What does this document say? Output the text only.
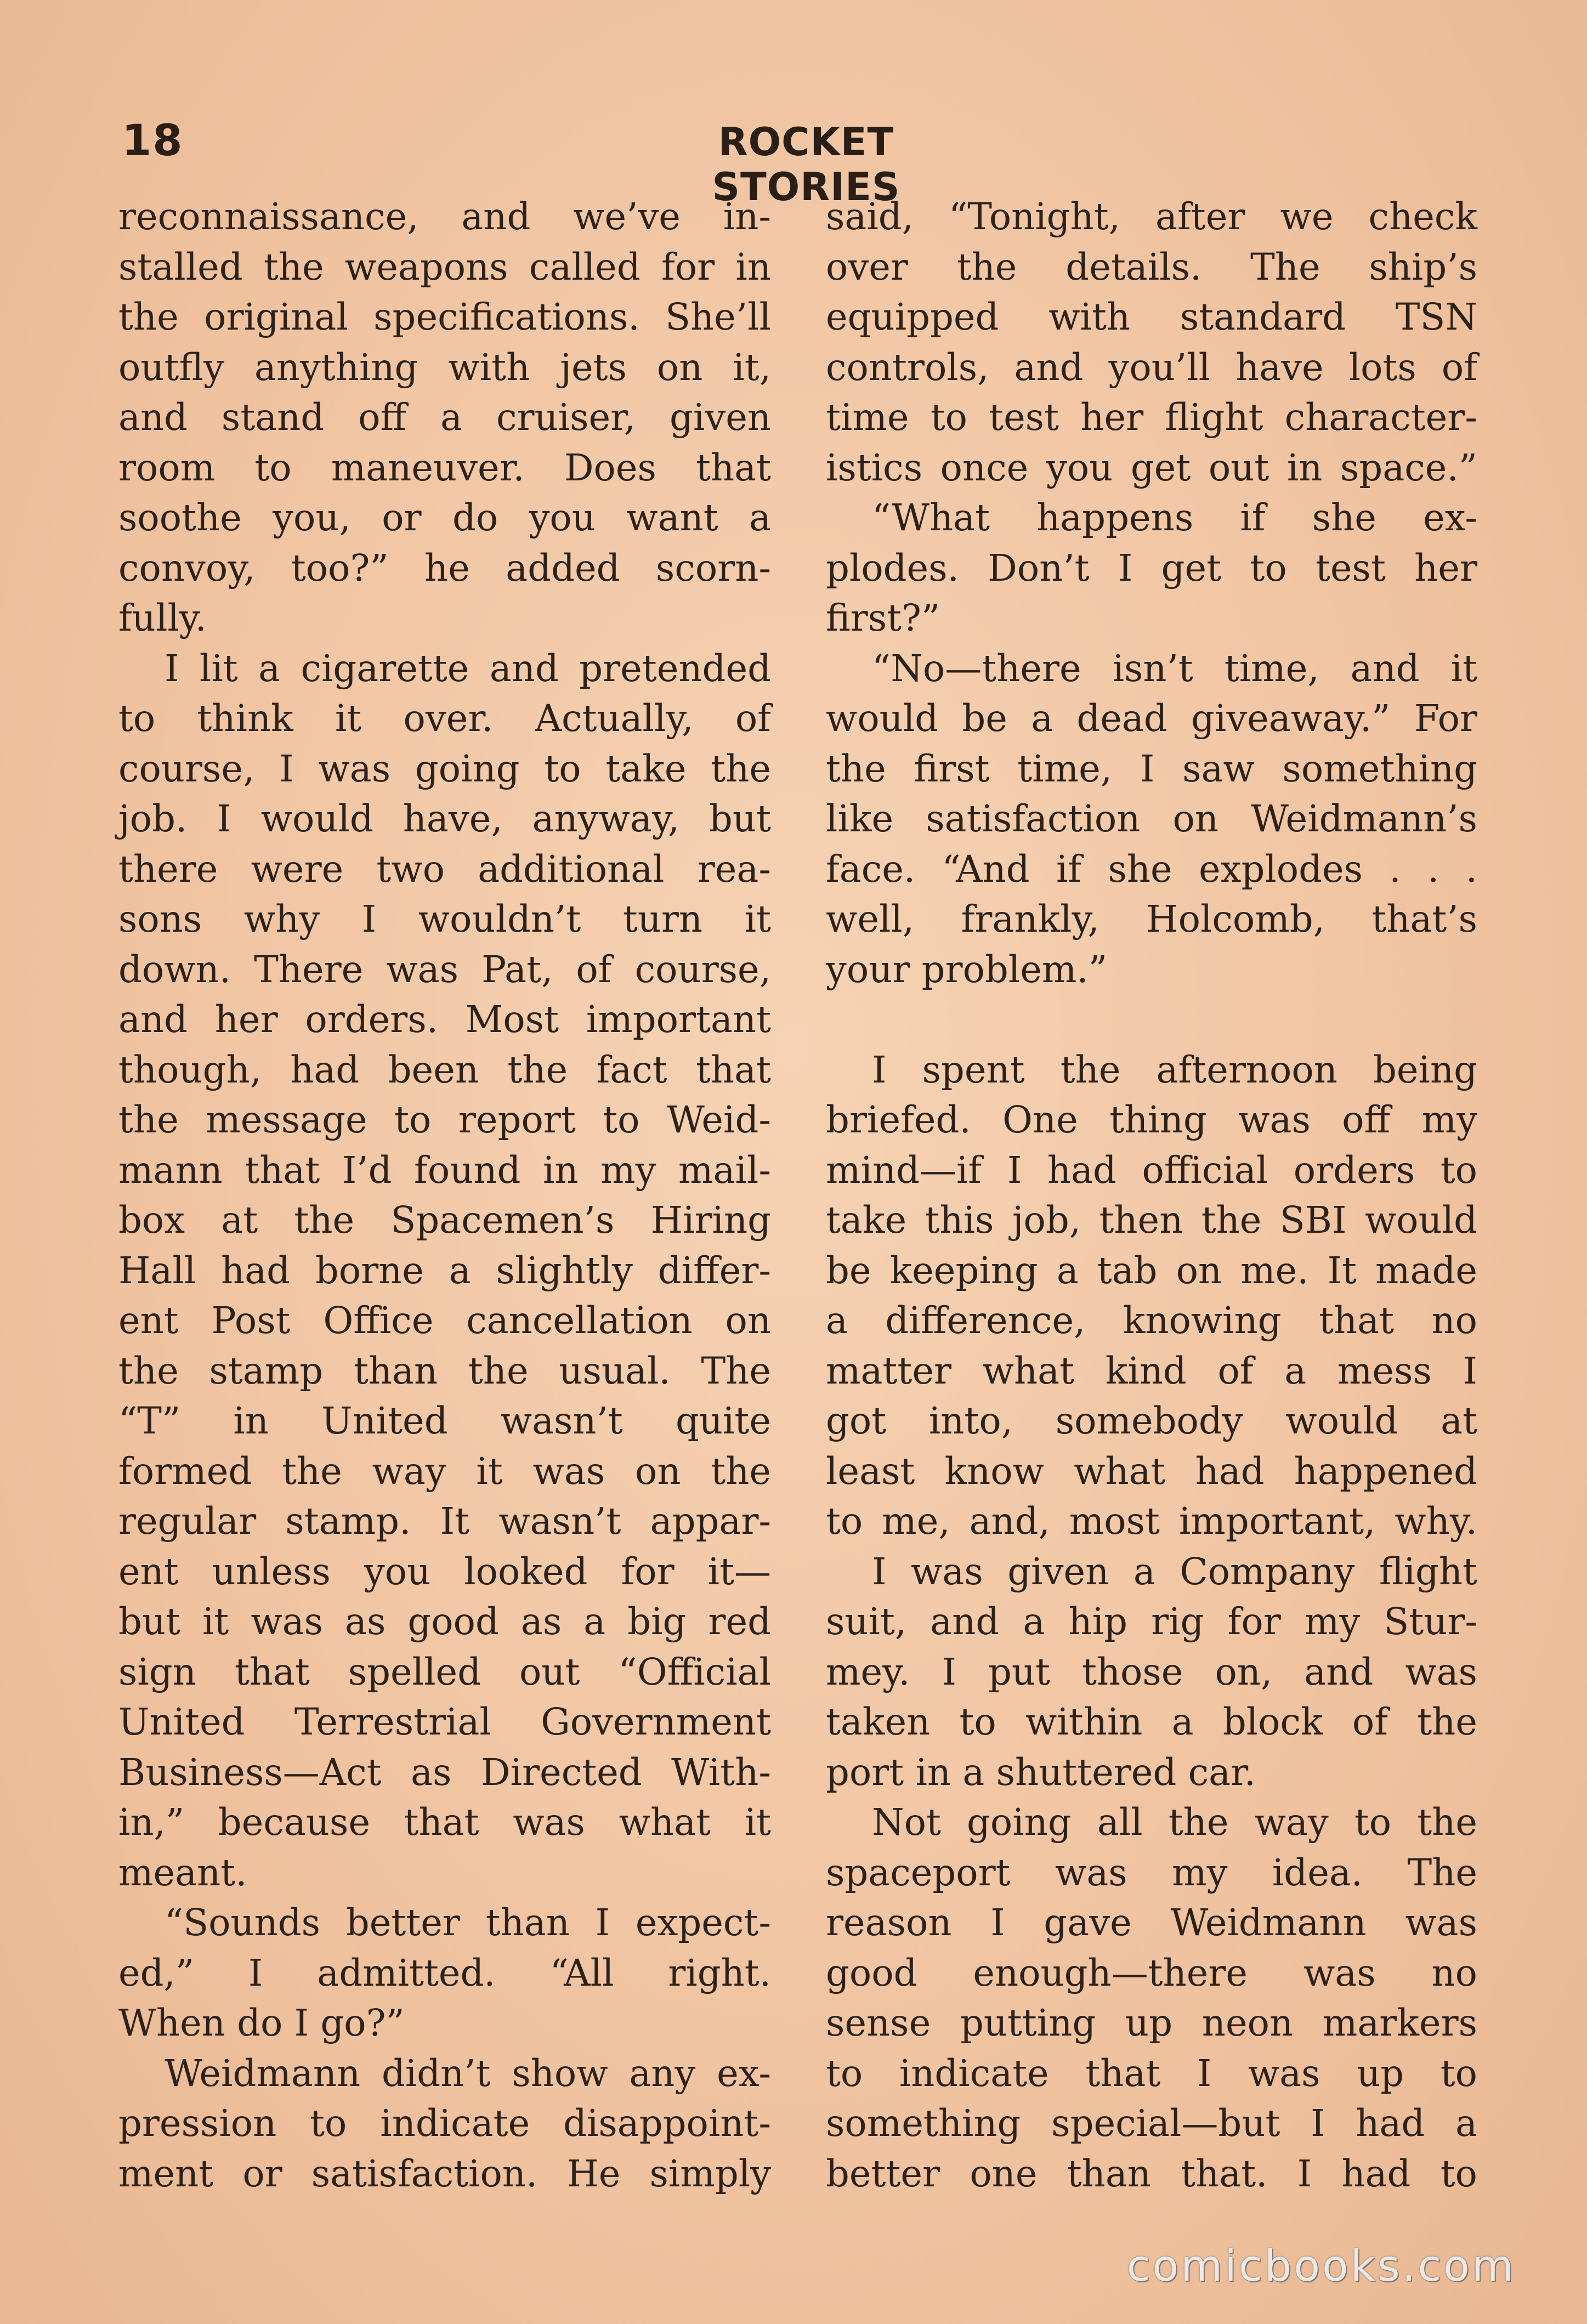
18	ROCKET STORIES
reconnaissance, and we’ve in-
stalled the weapons called for in
the original specifications. She’ll
outfly anything with jets on it,
and stand off a cruiser, given
room to maneuver. Does that
soothe you, or do you want a
convoy, too?” he added scorn-
fully.
I lit a cigarette and pretended
to think it over. Actually, of
course, I was going to take the
job. I would have, anyway, but
there were two additional rea-
sons why I wouldn’t turn it
down. There was Pat, of course,
and her orders. Most important
though, had been the fact that
the message to report to Weid-
mann that I’d found in my mail-
box at the Spacemen’s Hiring
Hall had borne a slightly differ-
ent Post Office cancellation on
the stamp than the usual. The
“T” in United wasn’t quite
formed the way it was on the
regular stamp. It wasn’t appar-
ent unless you looked for it—
but it was as good as a big red
sign that spelled out “Official
United Terrestrial Government
Business—Act as Directed With-
in,” because that was what it
meant.
“Sounds better than I expect-
ed,” I admitted. “All right.
When do I go?”
Weidmann didn’t show any ex-
pression to indicate disappoint-
ment or satisfaction. He simply
said, “Tonight, after we check
over the details. The ship’s
equipped with standard TSN
controls, and you’ll have lots of
time to test her flight character-
istics once you get out in space.”
“What happens if she ex-
plodes. Don’t I get to test her
first?”
“No—there isn’t time, and it
would be a dead giveaway.” For
the first time, I saw something
like satisfaction on Weidmann’s
face. “And if she explodes . . .
well, frankly, Holcomb, that’s
your problem.”
I spent the afternoon being
briefed. One thing was off my
mind—if I had official orders to
take this job, then the SBI would
be keeping a tab on me. It made
a difference, knowing that no
matter what kind of a mess I
got into, somebody would at
least know what had happened
to me, and, most important, why.
I was given a Company flight
suit, and a hip rig for my Stur-
mey. I put those on, and was
taken to within a block of the
port in a shuttered car.
Not going all the way to the
spaceport was my idea. The
reason I gave Weidmann was
good enough—there was no
sense putting up neon markers
to indicate that I was up to
something special—but I had a
better one than that. I had to
comicbooks.com
